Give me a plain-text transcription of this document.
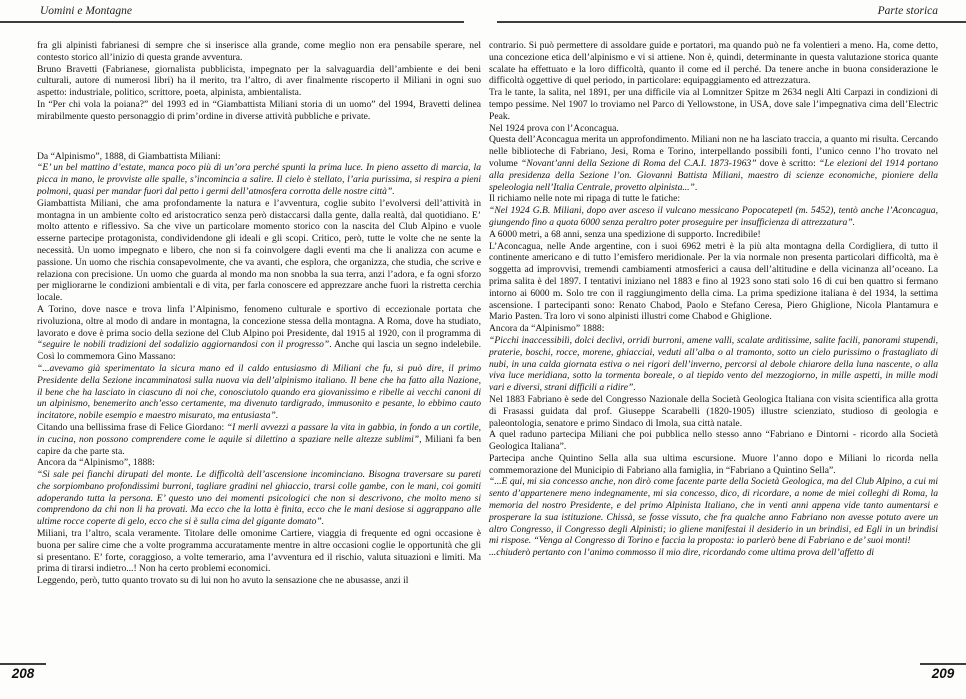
Uomini e Montagne	Parte storica

fra gli alpinisti fabrianesi di sempre che si inserisce alla grande, come meglio non era pensabile sperare, nel contesto storico all’inizio di questa grande avventura.

Bruno Bravetti (Fabrianese, giornalista pubblicista, impegnato per la salvaguardia dell’ambiente e dei beni culturali, autore di numerosi libri) ha il merito, tra l’altro, di aver finalmente riscoperto il Miliani in ogni suo aspetto: industriale, politico, scrittore, poeta, alpinista, ambientalista.

In “Per chi vola la poiana?” del 1993 ed in “Giambattista Miliani storia di un uomo” del 1994, Bravetti delinea mirabilmente questo personaggio di prim’ordine in diverse attività pubbliche e private.

Da “Alpinismo”, 1888, di Giambattista Miliani:

“E’ un bel mattino d’estate, manca poco più di un’ora perché spunti la prima luce. In pieno assetto di marcia, la picca in mano, le provviste alle spalle, s’incomincia a salire. Il cielo è stellato, l’aria purissima, si respira a pieni polmoni, quasi per mandar fuori dal petto i germi dell’atmosfera corrotta delle nostre città”.

Giambattista Miliani, che ama profondamente la natura e l’avventura, coglie subito l’evolversi dell’attività in montagna in un ambiente colto ed aristocratico senza però distaccarsi dalla gente, dalla realtà, dal quotidiano. E’ molto attento e riflessivo. Sa che vive un particolare momento storico con la nascita del Club Alpino e vuole esserne partecipe protagonista, condividendone gli ideali e gli scopi. Critico, però, tutte le volte che ne sente la necessità. Un uomo impegnato e libero, che non si fa coinvolgere dagli eventi ma che li analizza con acume e passione. Un uomo che rischia consapevolmente, che va avanti, che esplora, che organizza, che studia, che scrive e relaziona con precisione. Un uomo che guarda al mondo ma non snobba la sua terra, anzi l’adora, e fa ogni sforzo per migliorarne le condizioni ambientali e di vita, per farla conoscere ed apprezzare anche fuori la ristretta cerchia locale.

A Torino, dove nasce e trova linfa l’Alpinismo, fenomeno culturale e sportivo di eccezionale portata che rivoluziona, oltre al modo di andare in montagna, la concezione stessa della montagna. A Roma, dove ha studiato, lavorato e dove è prima socio della sezione del Club Alpino poi Presidente, dal 1915 al 1920, con il programma di “seguire le nobili tradizioni del sodalizio aggiornandosi con il progresso”. Anche qui lascia un segno indelebile. Così lo commemora Gino Massano:

“...avevamo già sperimentato la sicura mano ed il caldo entusiasmo di Miliani che fu, si può dire, il primo Presidente della Sezione incamminatosi sulla nuova via dell’alpinismo italiano. Il bene che ha fatto alla Nazione, il bene che ha lasciato in ciascuno di noi che, conosciutolo quando era giovanissimo e ribelle ai vecchi canoni di un alpinismo, benemerito anch’esso certamente, ma divenuto tardigrado, immusonito e pesante, lo ebbimo cauto incitatore, nobile esempio e maestro misurato, ma entusiasta”.

Citando una bellissima frase di Felice Giordano: “I merli avvezzi a passare la vita in gabbia, in fondo a un cortile, in cucina, non possono comprendere come le aquile si dilettino a spaziare nelle altezze sublimi”, Miliani fa ben capire da che parte sta.

Ancora da “Alpinismo”, 1888:

“Si sale pei fianchi dirupati del monte. Le difficoltà dell’ascensione incominciano. Bisogna traversare su pareti che sorpiombano profondissimi burroni, tagliare gradini nel ghiaccio, trarsi colle gambe, con le mani, coi gomiti adoperando tutta la persona. E’ questo uno dei momenti psicologici che non si descrivono, che molto meno si comprendono da chi non li ha provati. Ma ecco che la lotta è finita, ecco che le mani desiose si aggrappano alle ultime rocce coperte di gelo, ecco che si è sulla cima del gigante domato”.

Miliani, tra l’altro, scala veramente. Titolare delle omonime Cartiere, viaggia di frequente ed ogni occasione è buona per salire cime che a volte programma accuratamente mentre in altre occasioni coglie le opportunità che gli si presentano. E’ forte, coraggioso, a volte temerario, ama l’avventura ed il rischio, valuta situazioni e limiti. Ma prima di tirarsi indietro...! Non ha certo problemi economici.

Leggendo, però, tutto quanto trovato su di lui non ho avuto la sensazione che ne abusasse, anzi il

contrario. Si può permettere di assoldare guide e portatori, ma quando può ne fa volentieri a meno. Ha, come detto, una concezione etica dell’alpinismo e vi si attiene. Non è, quindi, determinante in questa valutazione storica quante scalate ha effettuato e la loro difficoltà, quanto il come ed il perché. Da tenere anche in buona considerazione le difficoltà oggettive di quel periodo, in particolare: equipaggiamento ed attrezzatura.

Tra le tante, la salita, nel 1891, per una difficile via al Lomnitzer Spitze m 2634 negli Alti Carpazi in condizioni di tempo pessime. Nel 1907 lo troviamo nel Parco di Yellowstone, in USA, dove sale l’impegnativa cima dell’Electric Peak.

Nel 1924 prova con l’Aconcagua.

Questa dell’Aconcagua merita un approfondimento. Miliani non ne ha lasciato traccia, a quanto mi risulta. Cercando nelle biblioteche di Fabriano, Jesi, Roma e Torino, interpellando possibili fonti, l’unico cenno l’ho trovato nel volume “Novant’anni della Sezione di Roma del C.A.I. 1873-1963” dove è scritto: “Le elezioni del 1914 portano alla presidenza della Sezione l’on. Giovanni Battista Miliani, maestro di scienze economiche, pioniere della speleologia nell’Italia Centrale, provetto alpinista...”.

Il richiamo nelle note mi ripaga di tutte le fatiche:

“Nel 1924 G.B. Miliani, dopo aver asceso il vulcano messicano Popocatepetl (m. 5452), tentò anche l’Aconcagua, giungendo fino a quota 6000 senza peraltro poter proseguire per insufficienza di attrezzatura”.

A 6000 metri, a 68 anni, senza una spedizione di supporto. Incredibile!

L’Aconcagua, nelle Ande argentine, con i suoi 6962 metri è la più alta montagna della Cordigliera, di tutto il continente americano e di tutto l’emisfero meridionale. Per la via normale non presenta particolari difficoltà, ma è soggetta ad improvvisi, tremendi cambiamenti atmosferici a causa dell’altitudine e della vicinanza all’oceano. La prima salita è del 1897. I tentativi iniziano nel 1883 e fino al 1923 sono stati solo 16 di cui ben quattro si fermano intorno ai 6000 m. Solo tre con il raggiungimento della cima. La prima spedizione italiana è del 1934, la settima ascensione. I partecipanti sono: Renato Chabod, Paolo e Stefano Ceresa, Piero Ghiglione, Nicola Plantamura e Mario Pasten. Tra loro vi sono alpinisti illustri come Chabod e Ghiglione.

Ancora da “Alpinismo” 1888:

“Picchi inaccessibili, dolci declivi, orridi burroni, amene valli, scalate arditissime, salite facili, panorami stupendi, praterie, boschi, rocce, morene, ghiacciai, veduti all’alba o al tramonto, sotto un cielo purissimo o frastagliato di nubi, in una calda giornata estiva o nei rigori dell’inverno, percorsi al debole chiarore della luna nascente, o alla viva luce meridiana, sotto la tormenta boreale, o al tiepido vento del mezzogiorno, in mille aspetti, in mille modi vari e diversi, strani difficili a ridire”.

Nel 1883 Fabriano è sede del Congresso Nazionale della Società Geologica Italiana con visita scientifica alla grotta di Frasassi guidata dal prof. Giuseppe Scarabelli (1820-1905) illustre scienziato, studioso di geologia e paleontologia, senatore e primo Sindaco di Imola, sua città natale.

A quel raduno partecipa Miliani che poi pubblica nello stesso anno “Fabriano e Dintorni - ricordo alla Società Geologica Italiana”.

Partecipa anche Quintino Sella alla sua ultima escursione. Muore l’anno dopo e Miliani lo ricorda nella commemorazione del Municipio di Fabriano alla famiglia, in “Fabriano a Quintino Sella”.

“...E qui, mi sia concesso anche, non dirò come facente parte della Società Geologica, ma del Club Alpino, a cui mi sento d’appartenere meno indegnamente, mi sia concesso, dico, di ricordare, a nome de miei colleghi di Roma, la memoria del nostro Presidente, e del primo Alpinista Italiano, che in venti anni appena vide tanto aumentarsi e prosperare la sua istituzione. Chissà, se fosse vissuto, che fra qualche anno Fabriano non avesse potuto avere un altro Congresso, il Congresso degli Alpinisti; io gliene manifestai il desiderio in un brindisi, ed Egli in un brindisi mi rispose. “Venga al Congresso di Torino e faccia la proposta: io parlerò bene di Fabriano e de’ suoi monti!

...chiuderò pertanto con l’animo commosso il mio dire, ricordando come ultima prova dell’affetto di

208	209
